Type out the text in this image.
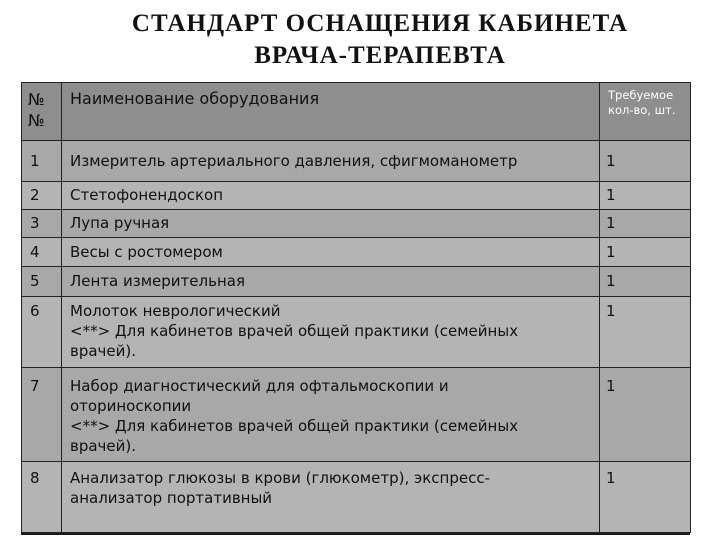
СТАНДАРТ ОСНАЩЕНИЯ КАБИНЕТА
ВРАЧА-ТЕРАПЕВТА
№ №	Наименование оборудования	Требуемое кол-во, шт.

1	Измеритель артериального давления, сфигмоманометр	1

2	Стетофонендоскоп	1

3	Лупа ручная	1

4	Весы с ростомером	1

5	Лента измерительная	1

6	Молоток неврологический
<**> Для кабинетов врачей общей практики (семейных
врачей).	1

7	Набор диагностический для офтальмоскопии и
оториноскопии
<**> Для кабинетов врачей общей практики (семейных
врачей).	1

8	Анализатор глюкозы в крови (глюкометр), экспресс-
анализатор портативный	1
